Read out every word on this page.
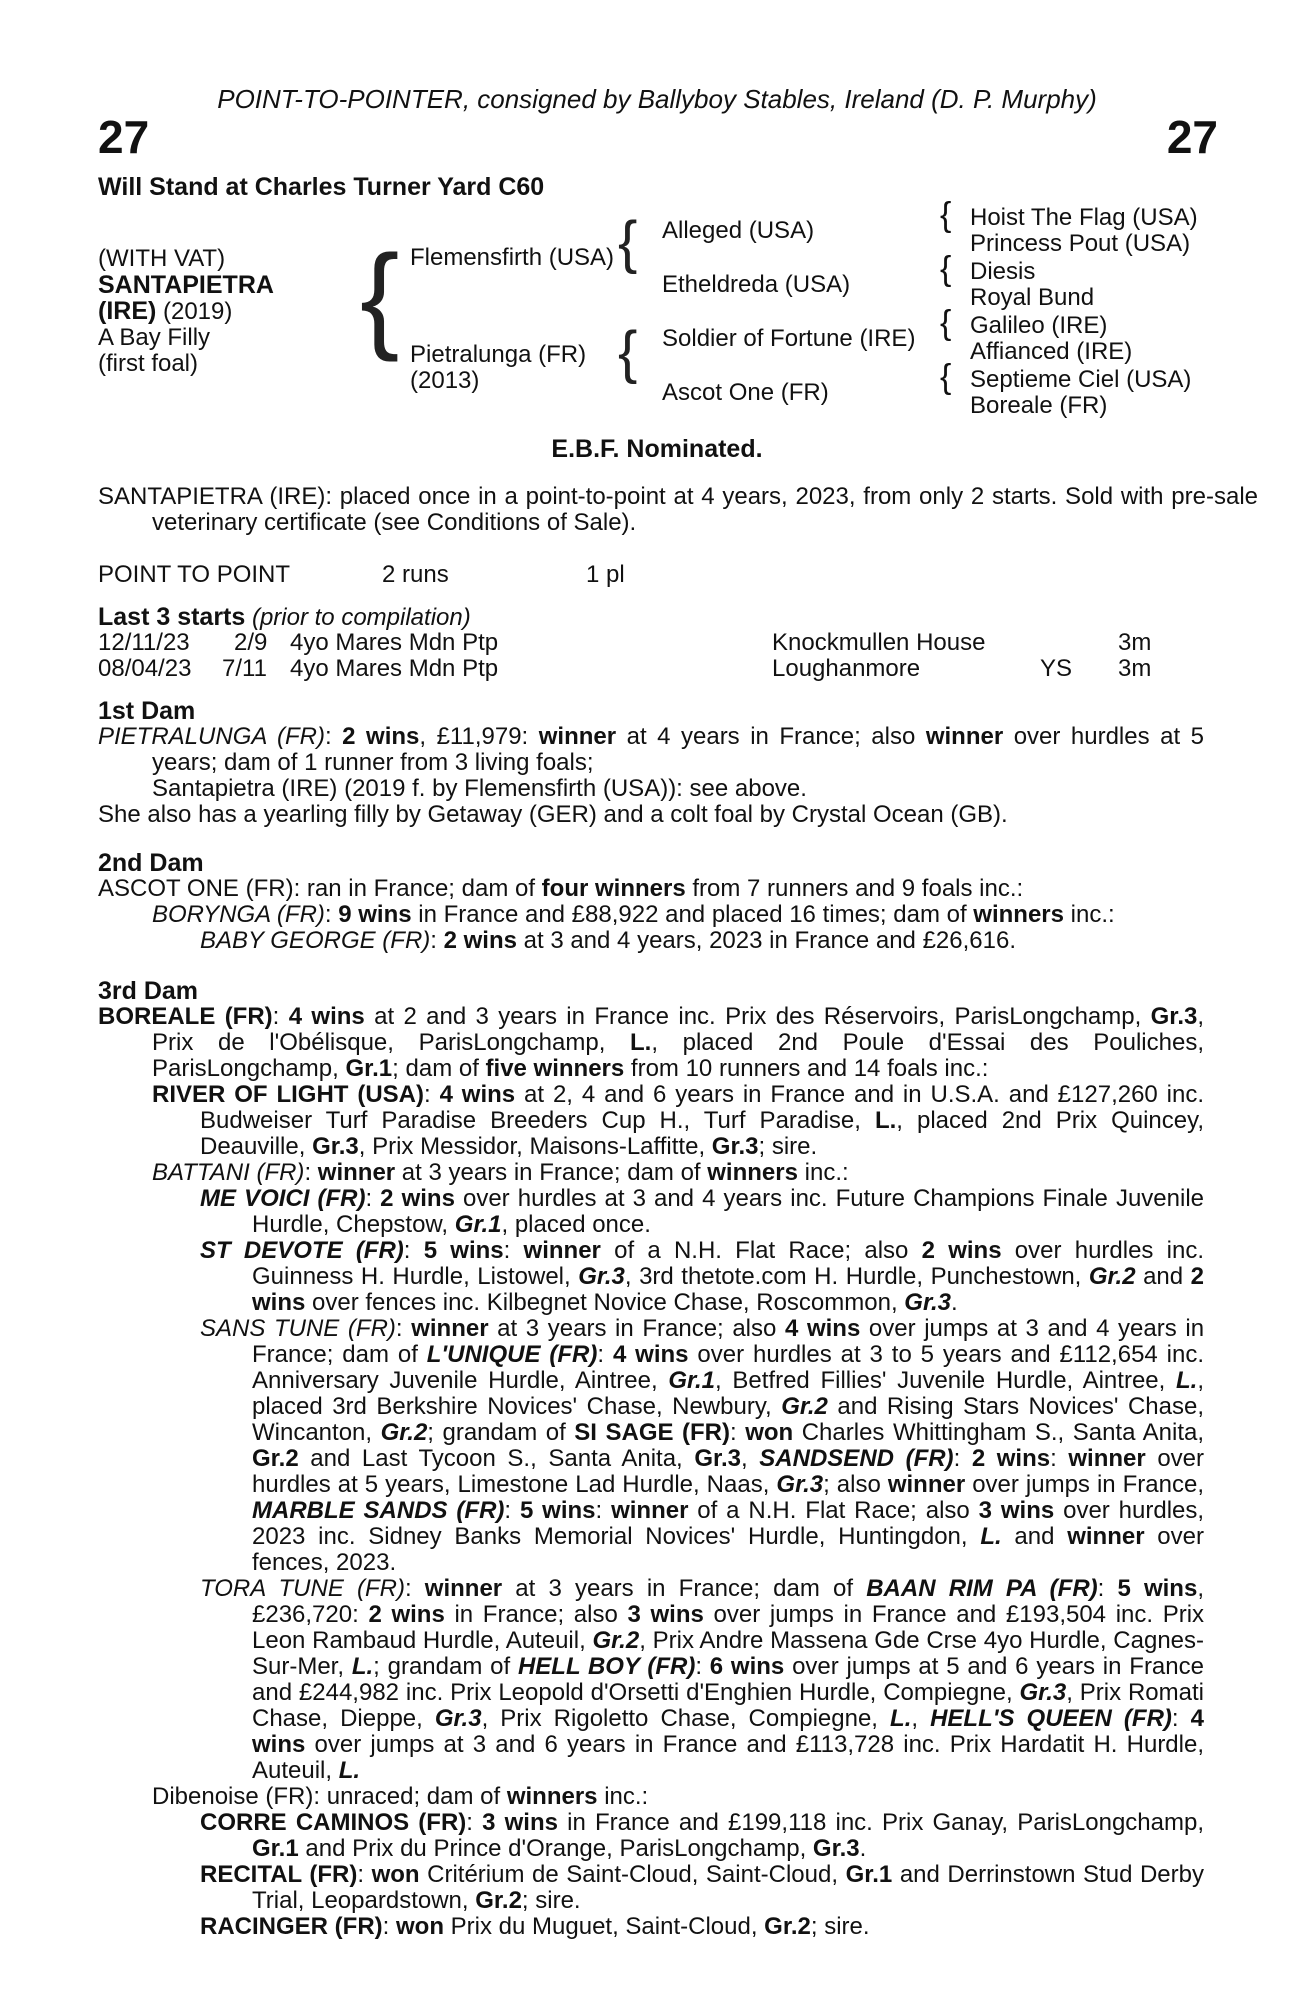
POINT-TO-POINTER, consigned by Ballyboy Stables, Ireland (D. P. Murphy)
27	27
Will Stand at Charles Turner Yard C60
(WITH VAT)
SANTAPIETRA
(IRE) (2019)
A Bay Filly
(first foal)
{	{
{
{
{
{
{
Flemensfirth (USA)
Pietralunga (FR)
(2013)
Alleged (USA)
Etheldreda (USA)
Soldier of Fortune (IRE)
Ascot One (FR)
Hoist The Flag (USA)
Princess Pout (USA)
Diesis
Royal Bund
Galileo (IRE)
Affianced (IRE)
Septieme Ciel (USA)
Boreale (FR)
E.B.F. Nominated.
SANTAPIETRA (IRE): placed once in a point-to-point at 4 years, 2023, from only 2 starts. Sold with pre-sale veterinary certificate (see Conditions of Sale).
POINT TO POINT	2 runs	1 pl
Last 3 starts (prior to compilation)
12/11/23 2/9 4yo Mares Mdn Ptp	Knockmullen House	3m
08/04/23 7/11 4yo Mares Mdn Ptp	Loughanmore	YS 3m

1st Dam

PIETRALUNGA (FR): 2 wins, £11,979: winner at 4 years in France; also winner over hurdles at 5 years; dam of 1 runner from 3 living foals;

Santapietra (IRE) (2019 f. by Flemensfirth (USA)): see above.

She also has a yearling filly by Getaway (GER) and a colt foal by Crystal Ocean (GB).

2nd Dam

ASCOT ONE (FR): ran in France; dam of four winners from 7 runners and 9 foals inc.:

BORYNGA (FR): 9 wins in France and £88,922 and placed 16 times; dam of winners inc.:

BABY GEORGE (FR): 2 wins at 3 and 4 years, 2023 in France and £26,616.

3rd Dam

BOREALE (FR): 4 wins at 2 and 3 years in France inc. Prix des Réservoirs, ParisLongchamp, Gr.3, Prix de l'Obélisque, ParisLongchamp, L., placed 2nd Poule d'Essai des Pouliches, ParisLongchamp, Gr.1; dam of five winners from 10 runners and 14 foals inc.:

RIVER OF LIGHT (USA): 4 wins at 2, 4 and 6 years in France and in U.S.A. and £127,260 inc. Budweiser Turf Paradise Breeders Cup H., Turf Paradise, L., placed 2nd Prix Quincey, Deauville, Gr.3, Prix Messidor, Maisons-Laffitte, Gr.3; sire.

BATTANI (FR): winner at 3 years in France; dam of winners inc.:

ME VOICI (FR): 2 wins over hurdles at 3 and 4 years inc. Future Champions Finale Juvenile Hurdle, Chepstow, Gr.1, placed once.

ST DEVOTE (FR): 5 wins: winner of a N.H. Flat Race; also 2 wins over hurdles inc. Guinness H. Hurdle, Listowel, Gr.3, 3rd thetote.com H. Hurdle, Punchestown, Gr.2 and 2 wins over fences inc. Kilbegnet Novice Chase, Roscommon, Gr.3.

SANS TUNE (FR): winner at 3 years in France; also 4 wins over jumps at 3 and 4 years in France; dam of L'UNIQUE (FR): 4 wins over hurdles at 3 to 5 years and £112,654 inc. Anniversary Juvenile Hurdle, Aintree, Gr.1, Betfred Fillies' Juvenile Hurdle, Aintree, L., placed 3rd Berkshire Novices' Chase, Newbury, Gr.2 and Rising Stars Novices' Chase, Wincanton, Gr.2; grandam of SI SAGE (FR): won Charles Whittingham S., Santa Anita, Gr.2 and Last Tycoon S., Santa Anita, Gr.3, SANDSEND (FR): 2 wins: winner over hurdles at 5 years, Limestone Lad Hurdle, Naas, Gr.3; also winner over jumps in France, MARBLE SANDS (FR): 5 wins: winner of a N.H. Flat Race; also 3 wins over hurdles, 2023 inc. Sidney Banks Memorial Novices' Hurdle, Huntingdon, L. and winner over fences, 2023.

TORA TUNE (FR): winner at 3 years in France; dam of BAAN RIM PA (FR): 5 wins, £236,720: 2 wins in France; also 3 wins over jumps in France and £193,504 inc. Prix Leon Rambaud Hurdle, Auteuil, Gr.2, Prix Andre Massena Gde Crse 4yo Hurdle, Cagnes-Sur-Mer, L.; grandam of HELL BOY (FR): 6 wins over jumps at 5 and 6 years in France and £244,982 inc. Prix Leopold d'Orsetti d'Enghien Hurdle, Compiegne, Gr.3, Prix Romati Chase, Dieppe, Gr.3, Prix Rigoletto Chase, Compiegne, L., HELL'S QUEEN (FR): 4 wins over jumps at 3 and 6 years in France and £113,728 inc. Prix Hardatit H. Hurdle, Auteuil, L.

Dibenoise (FR): unraced; dam of winners inc.:

CORRE CAMINOS (FR): 3 wins in France and £199,118 inc. Prix Ganay, ParisLongchamp, Gr.1 and Prix du Prince d'Orange, ParisLongchamp, Gr.3.

RECITAL (FR): won Critérium de Saint-Cloud, Saint-Cloud, Gr.1 and Derrinstown Stud Derby Trial, Leopardstown, Gr.2; sire.

RACINGER (FR): won Prix du Muguet, Saint-Cloud, Gr.2; sire.
